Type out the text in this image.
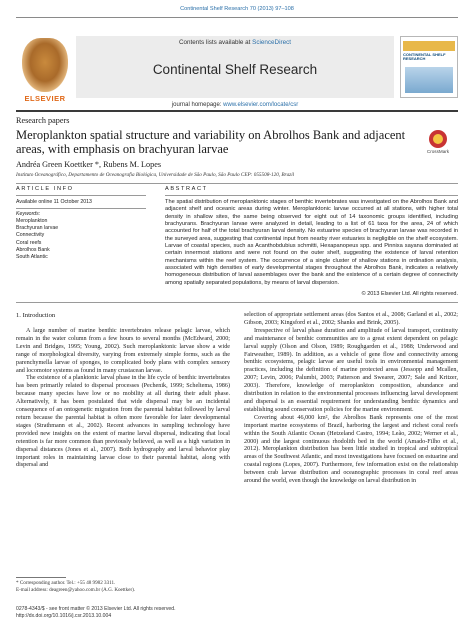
Continental Shelf Research 70 (2013) 97–108
ELSEVIER
Contents lists available at ScienceDirect
Continental Shelf Research
journal homepage: www.elsevier.com/locate/csr
CONTINENTAL SHELF RESEARCH
Research papers
Meroplankton spatial structure and variability on Abrolhos Bank and adjacent areas, with emphasis on brachyuran larvae	CrossMark
Andréa Green Koettker *, Rubens M. Lopes
Instituto Oceanográfico, Departamento de Oceanografia Biológica, Universidade de São Paulo, São Paulo CEP: 055508-120, Brazil
ARTICLE INFO	ABSTRACT
Available online 11 October 2013
Keywords:
Meroplankton
Brachyuran larvae
Connectivity
Coral reefs
Abrolhos Bank
South Atlantic
The spatial distribution of meroplanktonic stages of benthic invertebrates was investigated on the Abrolhos Bank and adjacent shelf and oceanic areas during winter. Meroplanktonic larvae occurred at all stations, with higher total density in shallow sites, the same being observed for eight out of 14 taxonomic groups identified, including brachyurans. Brachyuran larvae were analyzed in detail, leading to a list of 61 taxa for the area, 24 of which accounted for half of the total brachyuran larval density. No estuarine species of brachyuran larvae was recorded in the surveyed area, suggesting that continental input from nearby river estuaries is negligible on the shelf ecosystem. Larvae of coastal species, such as Acanthobdubius schmitti, Hexapanopeus spp. and Pinnixa sayana dominated at certain innermost stations and were not found on the outer shelf, suggesting the existence of larval retention mechanisms within the reef system. The occurrence of a single cluster of shallow stations in ordination analysis, associated with high densities of early developmental stages throughout the Abrolhos Bank, indicates a relatively homogeneous distribution of larval assemblages over the bank and the existence of a certain degree of connectivity among spatially separated populations, by means of larval dispersion.
© 2013 Elsevier Ltd. All rights reserved.
1. Introduction

A large number of marine benthic invertebrates release pelagic larvae, which remain in the water column from a few hours to several months (McEdward, 2000; Levin and Bridges, 1995; Young, 2002). Such meroplanktonic larvae show a wide range of morphological diversity, varying from extremely simple forms, such as the parenchymella larvae of sponges, to complicated body plans with complex sensory and locomotor systems as found in many crustacean larvae.

The existence of a planktonic larval phase in the life cycle of benthic invertebrates has been primarily related to dispersal processes (Pechenik, 1999; Scheltema, 1986) because many species have low or no mobility at all during their adult phase. Alternatively, it has been postulated that wide dispersal may be an incidental consequence of an ontogenetic migration from the parental habitat followed by larval return because the parental habitat is often more favorable for later developmental stages (Strathmann et al., 2002). Recent advances in sampling technology have provided new insights on the extent of marine larval dispersal, indicating that local retention is far more common than previously believed, as well as a high variation in dispersal distances (Jones et al., 2007). Both hydrography and larval behavior play important roles in maintaining larvae close to their parental habitat, along with dispersal and

selection of appropriate settlement areas (dos Santos et al., 2008; Garland et al., 2002; Gibson, 2003; Kingsford et al., 2002; Shanks and Brink, 2005).

Irrespective of larval phase duration and amplitude of larval transport, continuity and maintenance of benthic communities are to a great extent dependent on pelagic larval supply (Olson and Olson, 1989; Roughgarden et al., 1988; Underwood and Fairweather, 1989). In addition, as a vehicle of gene flow and connectivity among benthic ecosystems, pelagic larvae are useful tools in environmental management practices, including the definition of marine protected areas (Jessopp and Mcallen, 2007; Levin, 2006; Palumbi, 2003; Patterson and Swearer, 2007; Sale and Kritzer, 2003). Therefore, knowledge of meroplankton composition, abundance and distribution in relation to the environmental processes influencing larval development and dispersal is an essential requirement for understanding benthic dynamics and establishing sound conservation policies for the marine environment.

Covering about 46,000 km², the Abrolhos Bank represents one of the most important marine ecosystems of Brazil, harboring the largest and richest coral reefs within the South Atlantic Ocean (Hetzeland Castro, 1994; Leão, 2002; Werner et al., 2000) and the largest continuous rhodolith bed in the world (Amado-Filho et al., 2012). Meroplankton distribution has been little studied in tropical and subtropical areas of the Southwest Atlantic, and most investigations have focused on estuarine and coastal regions (Lopes, 2007). Furthermore, few information exist on the relationship between crab larvae distribution and oceanographic processes in coral reef areas around the world, even though the knowledge on larval distribution in

* Corresponding author. Tel.: +55 48 9982 3311.
E-mail address: deagreen@yahoo.com.br (A.G. Koettker).
0278-4343/$ - see front matter © 2013 Elsevier Ltd. All rights reserved.
http://dx.doi.org/10.1016/j.csr.2013.10.004
